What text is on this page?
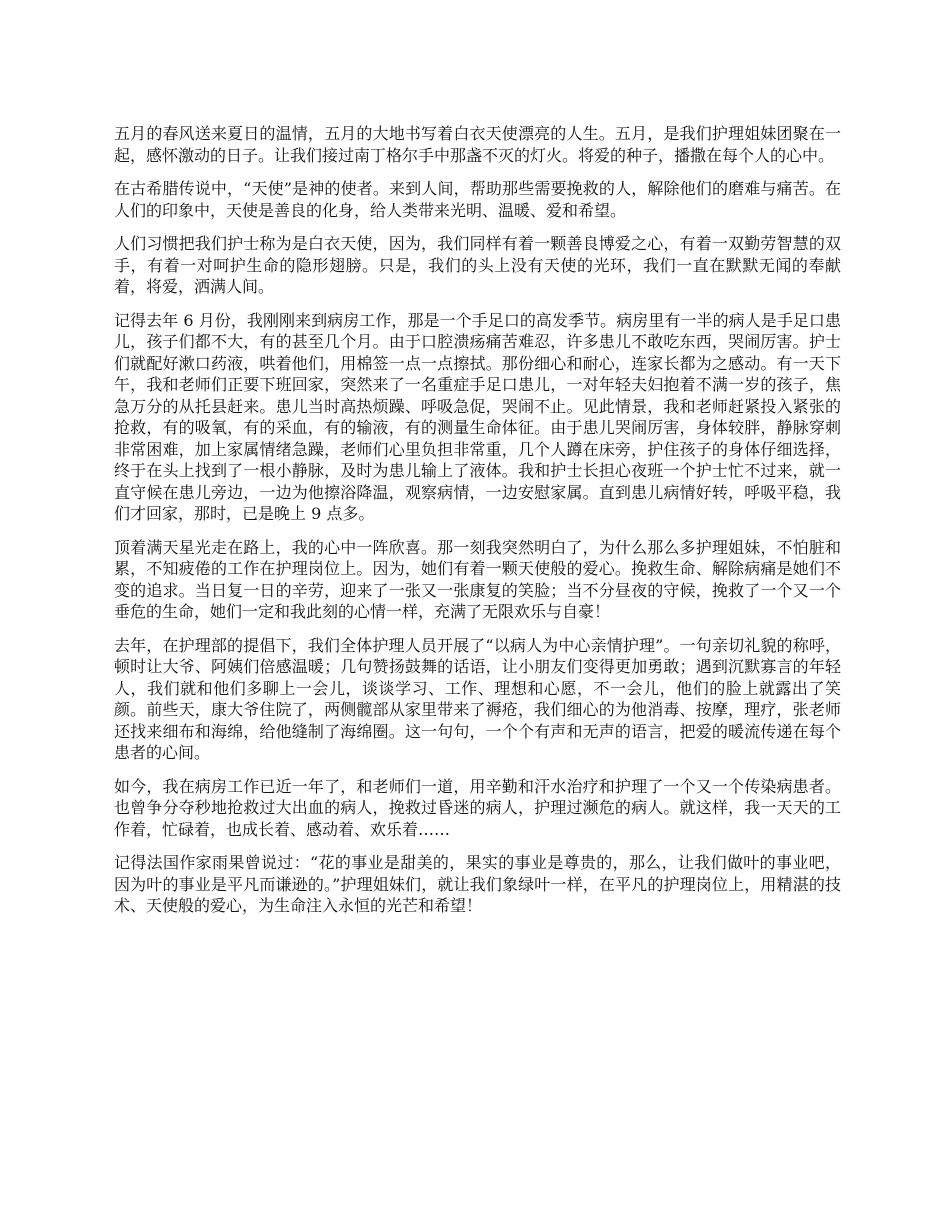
五月的春风送来夏日的温情，五月的大地书写着白衣天使漂亮的人生。五月，是我们护理姐妹团聚在一起，感怀激动的日子。让我们接过南丁格尔手中那盏不灭的灯火。将爱的种子，播撒在每个人的心中。

在古希腊传说中，“天使”是神的使者。来到人间，帮助那些需要挽救的人，解除他们的磨难与痛苦。在人们的印象中，天使是善良的化身，给人类带来光明、温暖、爱和希望。

人们习惯把我们护士称为是白衣天使，因为，我们同样有着一颗善良博爱之心，有着一双勤劳智慧的双手，有着一对呵护生命的隐形翅膀。只是，我们的头上没有天使的光环，我们一直在默默无闻的奉献着，将爱，洒满人间。

记得去年 6 月份，我刚刚来到病房工作，那是一个手足口的高发季节。病房里有一半的病人是手足口患儿，孩子们都不大，有的甚至几个月。由于口腔溃疡痛苦难忍，许多患儿不敢吃东西，哭闹厉害。护士们就配好漱口药液，哄着他们，用棉签一点一点擦拭。那份细心和耐心，连家长都为之感动。有一天下午，我和老师们正要下班回家，突然来了一名重症手足口患儿，一对年轻夫妇抱着不满一岁的孩子，焦急万分的从托县赶来。患儿当时高热烦躁、呼吸急促，哭闹不止。见此情景，我和老师赶紧投入紧张的抢救，有的吸氧，有的采血，有的输液，有的测量生命体征。由于患儿哭闹厉害，身体较胖，静脉穿刺非常困难，加上家属情绪急躁，老师们心里负担非常重，几个人蹲在床旁，护住孩子的身体仔细选择，终于在头上找到了一根小静脉，及时为患儿输上了液体。我和护士长担心夜班一个护士忙不过来，就一直守候在患儿旁边，一边为他擦浴降温，观察病情，一边安慰家属。直到患儿病情好转，呼吸平稳，我们才回家，那时，已是晚上 9 点多。

顶着满天星光走在路上，我的心中一阵欣喜。那一刻我突然明白了，为什么那么多护理姐妹，不怕脏和累，不知疲倦的工作在护理岗位上。因为，她们有着一颗天使般的爱心。挽救生命、解除病痛是她们不变的追求。当日复一日的辛劳，迎来了一张又一张康复的笑脸；当不分昼夜的守候，挽救了一个又一个垂危的生命，她们一定和我此刻的心情一样，充满了无限欢乐与自豪！

去年，在护理部的提倡下，我们全体护理人员开展了“以病人为中心亲情护理”。一句亲切礼貌的称呼，顿时让大爷、阿姨们倍感温暖；几句赞扬鼓舞的话语，让小朋友们变得更加勇敢；遇到沉默寡言的年轻人，我们就和他们多聊上一会儿，谈谈学习、工作、理想和心愿，不一会儿，他们的脸上就露出了笑颜。前些天，康大爷住院了，两侧髋部从家里带来了褥疮，我们细心的为他消毒、按摩，理疗，张老师还找来细布和海绵，给他缝制了海绵圈。这一句句，一个个有声和无声的语言，把爱的暖流传递在每个患者的心间。

如今，我在病房工作已近一年了，和老师们一道，用辛勤和汗水治疗和护理了一个又一个传染病患者。也曾争分夺秒地抢救过大出血的病人，挽救过昏迷的病人，护理过濒危的病人。就这样，我一天天的工作着，忙碌着，也成长着、感动着、欢乐着……

记得法国作家雨果曾说过：“花的事业是甜美的，果实的事业是尊贵的，那么，让我们做叶的事业吧，因为叶的事业是平凡而谦逊的。”护理姐妹们，就让我们象绿叶一样，在平凡的护理岗位上，用精湛的技术、天使般的爱心，为生命注入永恒的光芒和希望！
